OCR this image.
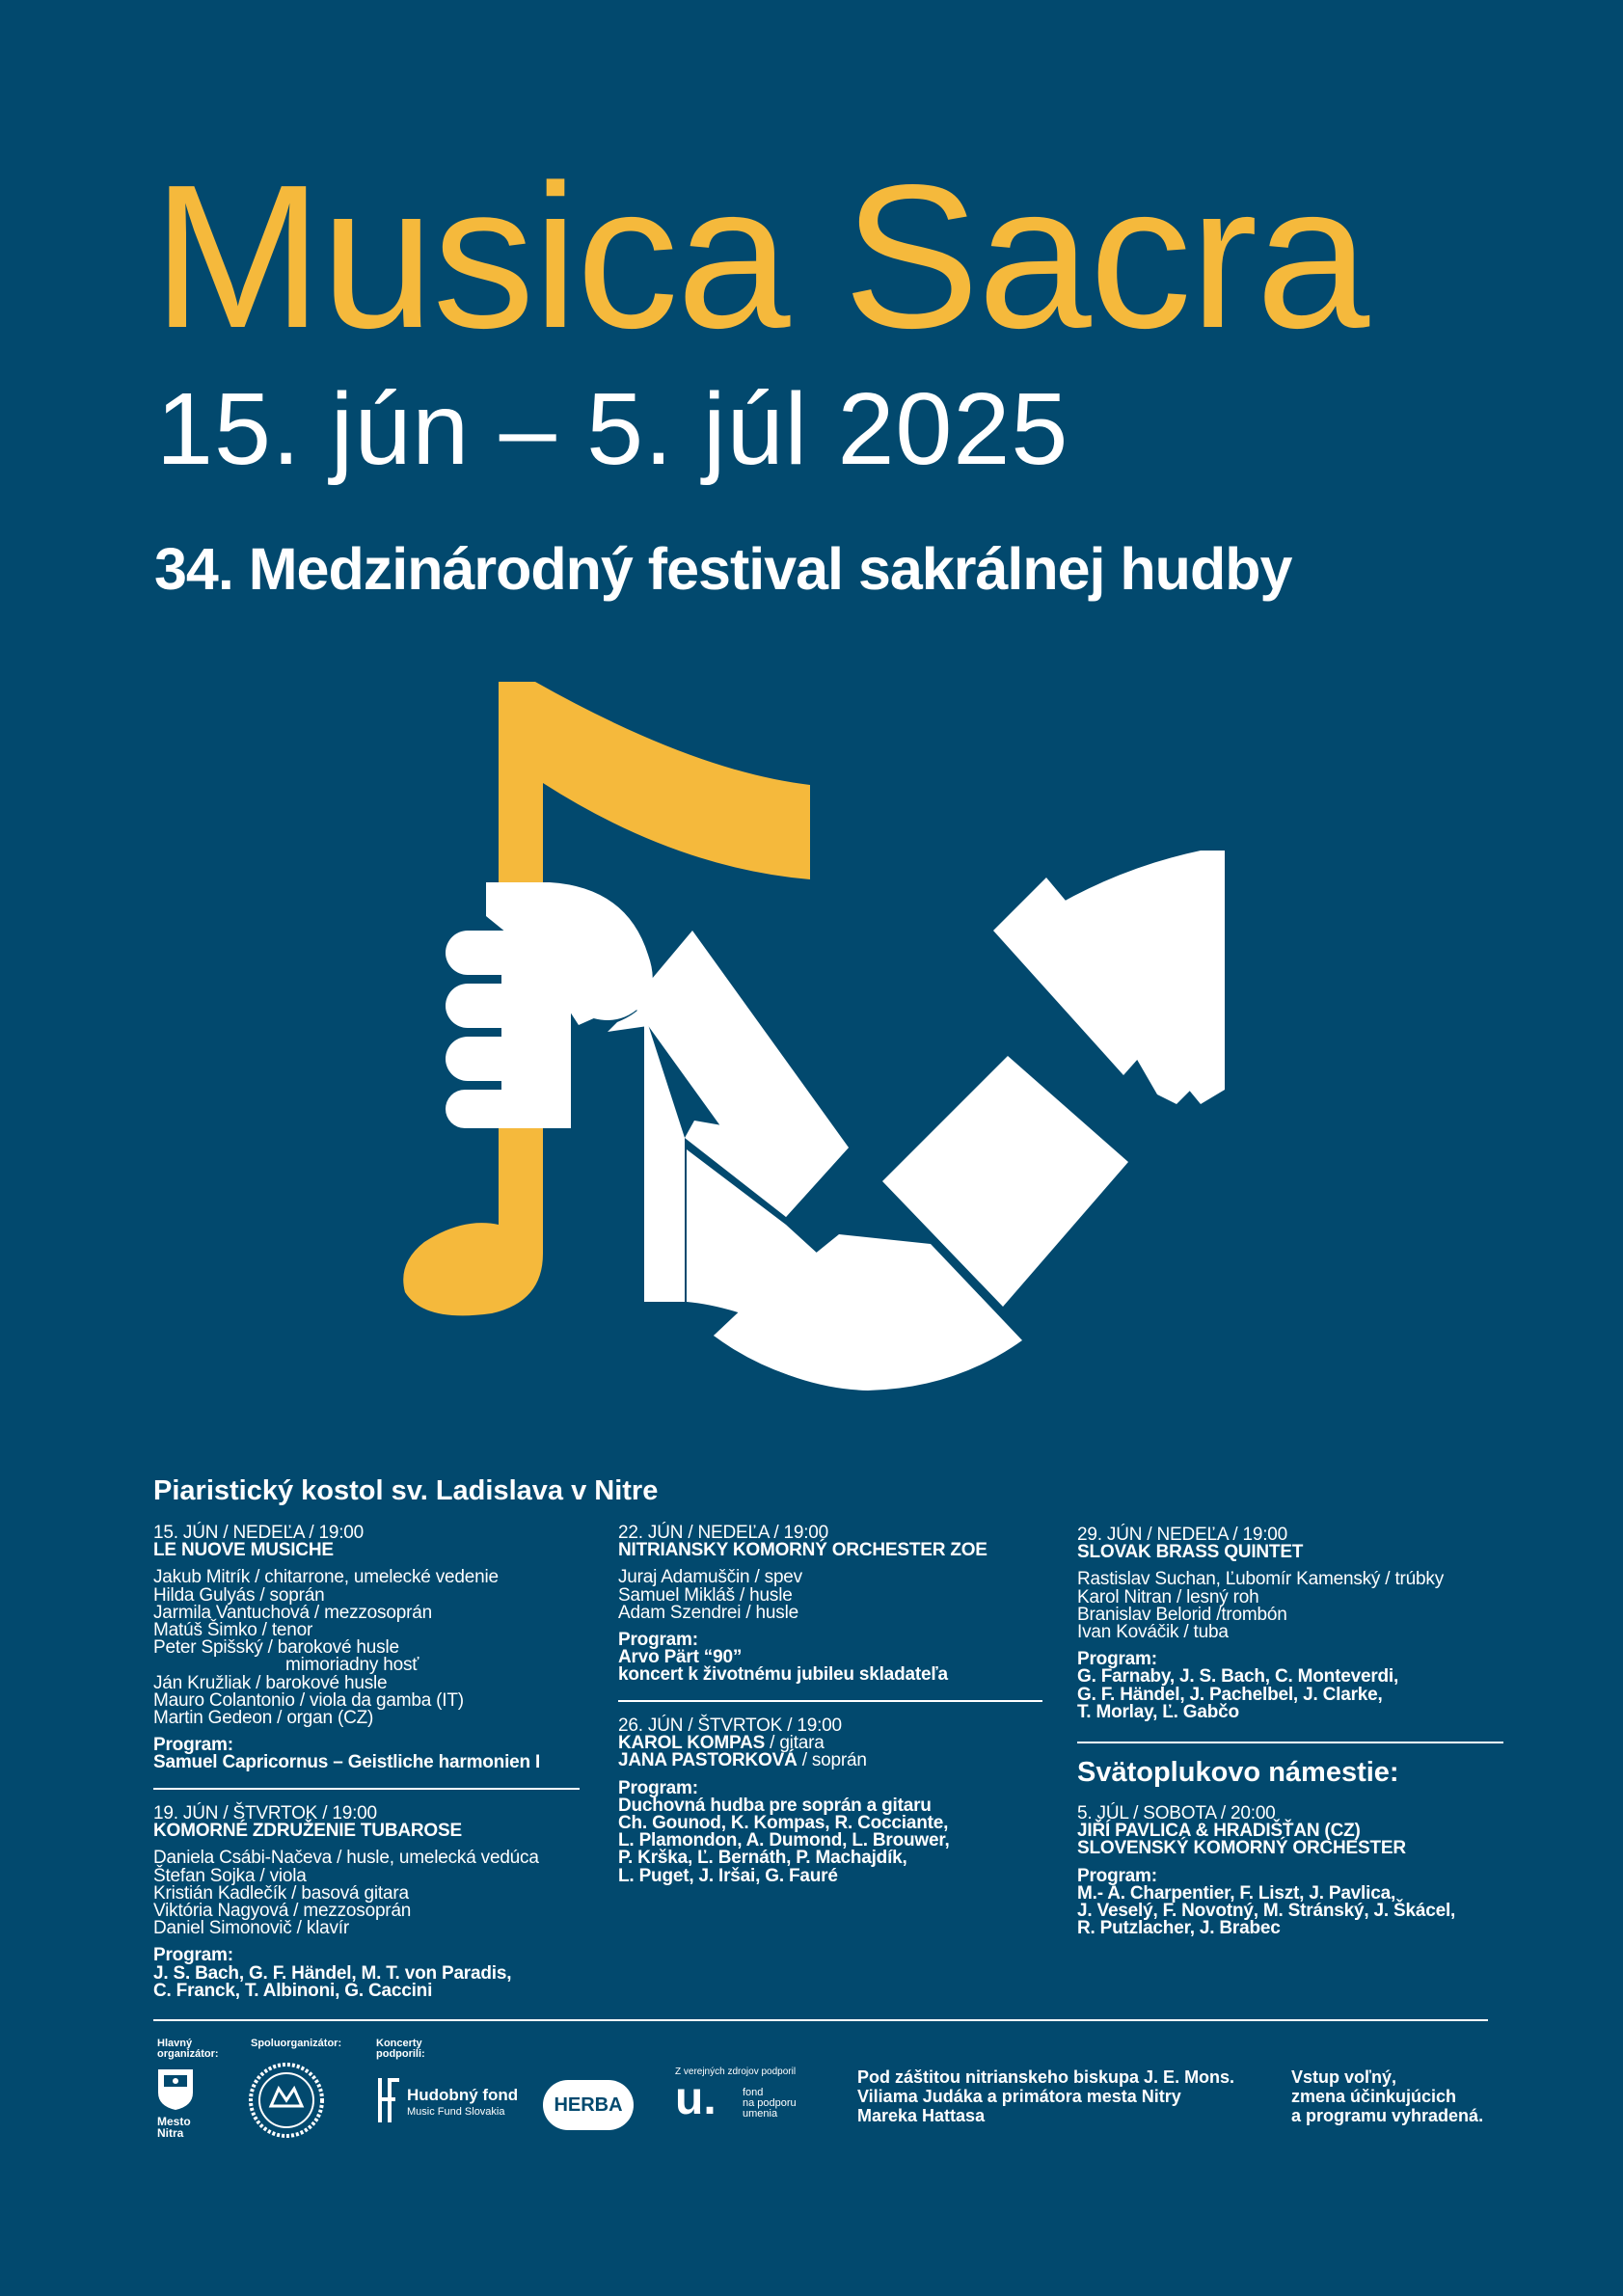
Musica Sacra
15. jún – 5. júl 2025
34. Medzinárodný festival sakrálnej hudby
Piaristický kostol sv. Ladislava v Nitre
15. JÚN / NEDEĽA / 19:00
LE NUOVE MUSICHE
Jakub Mitrík / chitarrone, umelecké vedenie
Hilda Gulyás / soprán
Jarmila Vantuchová / mezzosoprán
Matúš Šimko / tenor
Peter Spišský / barokové husle
mimoriadny hosť
Ján Kružliak / barokové husle
Mauro Colantonio / viola da gamba (IT)
Martin Gedeon / organ (CZ)
Program:
Samuel Capricornus – Geistliche harmonien I
19. JÚN / ŠTVRTOK / 19:00
KOMORNÉ ZDRUŽENIE TUBAROSE
Daniela Csábi-Načeva / husle, umelecká vedúca
Štefan Sojka / viola
Kristián Kadlečík / basová gitara
Viktória Nagyová / mezzosoprán
Daniel Simonovič / klavír
Program:
J. S. Bach, G. F. Händel, M. T. von Paradis,
C. Franck, T. Albinoni, G. Caccini
22. JÚN / NEDEĽA / 19:00
NITRIANSKY KOMORNÝ ORCHESTER ZOE
Juraj Adamuščin / spev
Samuel Mikláš / husle
Adam Szendrei / husle
Program:
Arvo Pärt “90”
koncert k životnému jubileu skladateľa
26. JÚN / ŠTVRTOK / 19:00
KAROL KOMPAS / gitara
JANA PASTORKOVÁ / soprán
Program:
Duchovná hudba pre soprán a gitaru
Ch. Gounod, K. Kompas, R. Cocciante,
L. Plamondon, A. Dumond, L. Brouwer,
P. Krška, Ľ. Bernáth, P. Machajdík,
L. Puget, J. Iršai, G. Fauré
29. JÚN / NEDEĽA / 19:00
SLOVAK BRASS QUINTET
Rastislav Suchan, Ľubomír Kamenský / trúbky
Karol Nitran / lesný roh
Branislav Belorid /trombón
Ivan Kováčik / tuba
Program:
G. Farnaby, J. S. Bach, C. Monteverdi,
G. F. Händel, J. Pachelbel, J. Clarke,
T. Morlay, Ľ. Gabčo
Svätoplukovo námestie:
5. JÚL / SOBOTA / 20:00
JIŘÍ PAVLICA & HRADIŠŤAN (CZ)
SLOVENSKÝ KOMORNÝ ORCHESTER
Program:
M.- A. Charpentier, F. Liszt, J. Pavlica,
J. Veselý, F. Novotný, M. Stránský, J. Škácel,
R. Putzlacher, J. Brabec
Hlavný
organizátor:
Spoluorganizátor:	Koncerty
podporili:
Mesto
Nitra
Hudobný fond
Music Fund Slovakia	HERBA
Z verejných zdrojov podporil
u. fond
na podporu
umenia
Pod záštitou nitrianskeho biskupa J. E. Mons.
Viliama Judáka a primátora mesta Nitry
Mareka Hattasa
Vstup voľný,
zmena účinkujúcich
a programu vyhradená.
